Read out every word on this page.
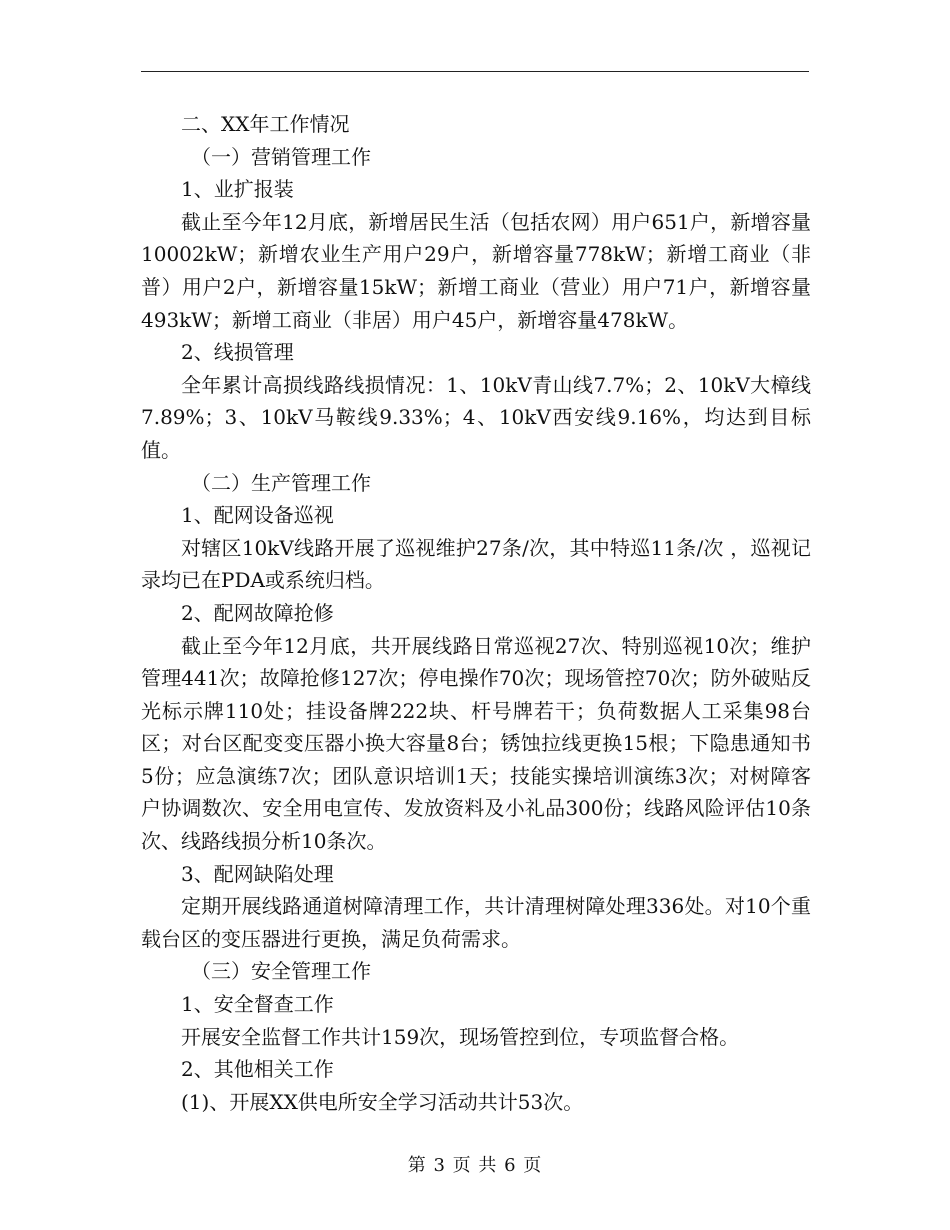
二、XX年工作情况

（一）营销管理工作

1、业扩报装

截止至今年12月底，新增居民生活（包括农网）用户651户，新增容量10002kW；新增农业生产用户29户，新增容量778kW；新增工商业（非普）用户2户，新增容量15kW；新增工商业（营业）用户71户，新增容量493kW；新增工商业（非居）用户45户，新增容量478kW。

2、线损管理

全年累计高损线路线损情况：1、10kV青山线7.7%；2、10kV大樟线7.89%；3、10kV马鞍线9.33%；4、10kV西安线9.16%，均达到目标值。

（二）生产管理工作

1、配网设备巡视

对辖区10kV线路开展了巡视维护27条/次，其中特巡11条/次 ，巡视记录均已在PDA或系统归档。

2、配网故障抢修

截止至今年12月底，共开展线路日常巡视27次、特别巡视10次；维护管理441次；故障抢修127次；停电操作70次；现场管控70次；防外破贴反光标示牌110处；挂设备牌222块、杆号牌若干；负荷数据人工采集98台区；对台区配变变压器小换大容量8台；锈蚀拉线更换15根；下隐患通知书5份；应急演练7次；团队意识培训1天；技能实操培训演练3次；对树障客户协调数次、安全用电宣传、发放资料及小礼品300份；线路风险评估10条次、线路线损分析10条次。

3、配网缺陷处理

定期开展线路通道树障清理工作，共计清理树障处理336处。对10个重载台区的变压器进行更换，满足负荷需求。

（三）安全管理工作

1、安全督查工作

开展安全监督工作共计159次，现场管控到位，专项监督合格。

2、其他相关工作

(1)、开展XX供电所安全学习活动共计53次。

第 3 页 共 6 页
